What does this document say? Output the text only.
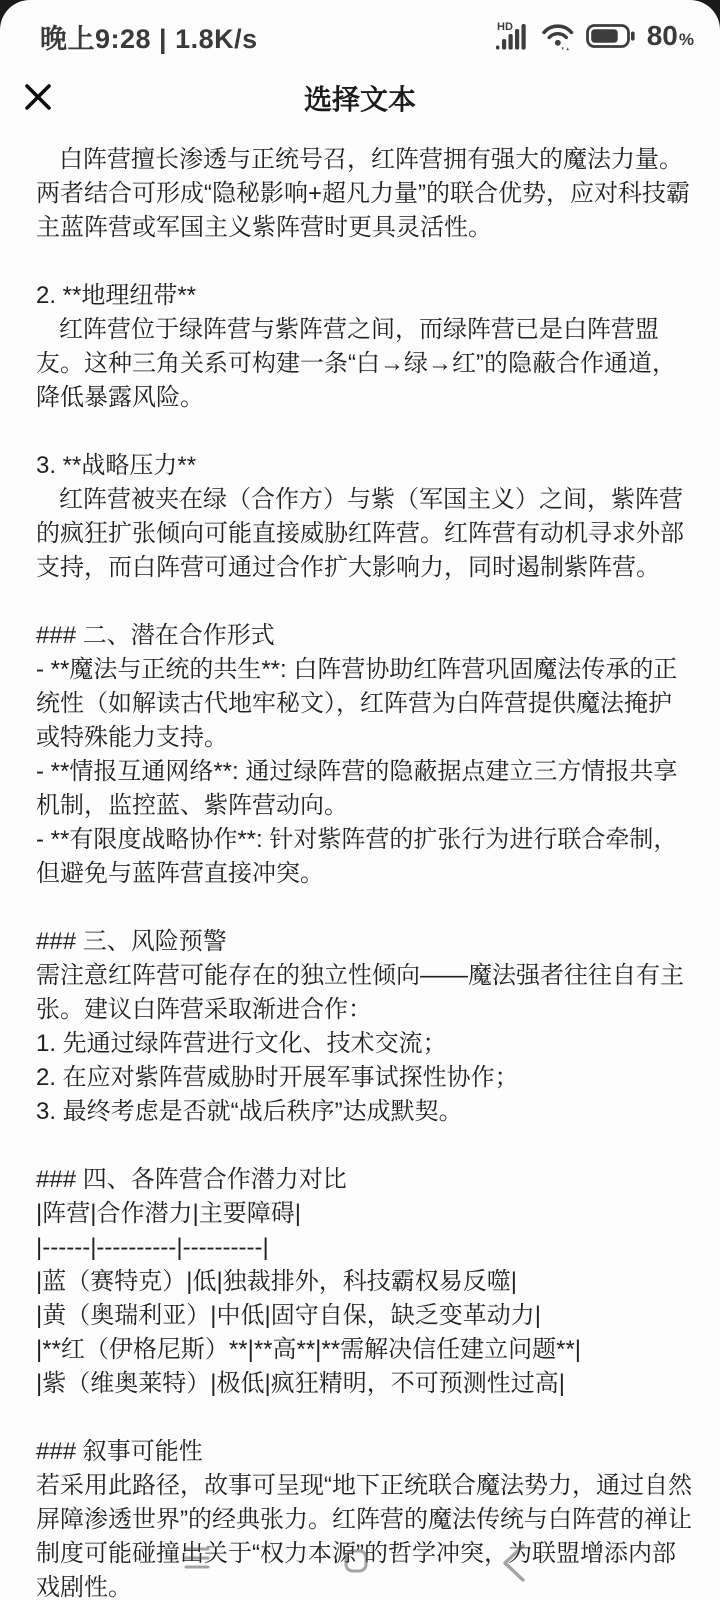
晚上9:28 | 1.8K/s	HD	80 %
选择文本

白阵营擅长渗透与正统号召，红阵营拥有强大的魔法力量。两者结合可形成“隐秘影响+超凡力量”的联合优势，应对科技霸主蓝阵营或军国主义紫阵营时更具灵活性。

2. **地理纽带**

红阵营位于绿阵营与紫阵营之间，而绿阵营已是白阵营盟友。这种三角关系可构建一条“白→绿→红”的隐蔽合作通道，降低暴露风险。

3. **战略压力**

红阵营被夹在绿（合作方）与紫（军国主义）之间，紫阵营的疯狂扩张倾向可能直接威胁红阵营。红阵营有动机寻求外部支持，而白阵营可通过合作扩大影响力，同时遏制紫阵营。

### 二、潜在合作形式

- **魔法与正统的共生**: 白阵营协助红阵营巩固魔法传承的正统性（如解读古代地牢秘文），红阵营为白阵营提供魔法掩护或特殊能力支持。

- **情报互通网络**: 通过绿阵营的隐蔽据点建立三方情报共享机制，监控蓝、紫阵营动向。

- **有限度战略协作**: 针对紫阵营的扩张行为进行联合牵制，但避免与蓝阵营直接冲突。

### 三、风险预警

需注意红阵营可能存在的独立性倾向——魔法强者往往自有主张。建议白阵营采取渐进合作：

1. 先通过绿阵营进行文化、技术交流；

2. 在应对紫阵营威胁时开展军事试探性协作；

3. 最终考虑是否就“战后秩序”达成默契。

### 四、各阵营合作潜力对比

|阵营|合作潜力|主要障碍|

|------|----------|----------|

|蓝（赛特克）|低|独裁排外，科技霸权易反噬|

|黄（奥瑞利亚）|中低|固守自保，缺乏变革动力|

|**红（伊格尼斯）**|**高**|**需解决信任建立问题**|

|紫（维奥莱特）|极低|疯狂精明，不可预测性过高|

### 叙事可能性

若采用此路径，故事可呈现“地下正统联合魔法势力，通过自然屏障渗透世界”的经典张力。红阵营的魔法传统与白阵营的禅让制度可能碰撞出关于“权力本源”的哲学冲突，为联盟增添内部戏剧性。
